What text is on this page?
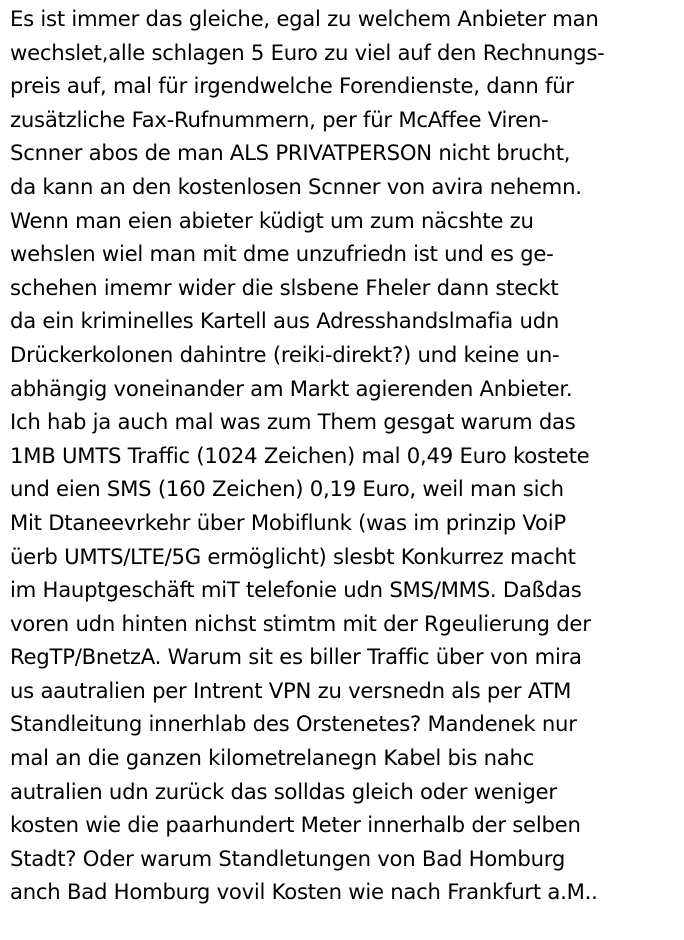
Es ist immer das gleiche, egal zu welchem Anbieter man
wechslet,alle schlagen 5 Euro zu viel auf den Rechnungs-
preis auf, mal für irgendwelche Forendienste, dann für
zusätzliche Fax-Rufnummern, per für McAffee Viren-
Scnner abos de man ALS PRIVATPERSON nicht brucht,
da kann an den kostenlosen Scnner von avira nehemn.
Wenn man eien abieter küdigt um zum näcshte zu
wehslen wiel man mit dme unzufriedn ist und es ge-
schehen imemr wider die slsbene Fheler dann steckt
da ein kriminelles Kartell aus Adresshandslmafia udn
Drückerkolonen dahintre (reiki-direkt?) und keine un-
abhängig voneinander am Markt agierenden Anbieter.
Ich hab ja auch mal was zum Them gesgat warum das
1MB UMTS Traffic (1024 Zeichen) mal 0,49 Euro kostete
und eien SMS (160 Zeichen) 0,19 Euro, weil man sich
Mit Dtaneevrkehr über Mobiflunk (was im prinzip VoiP
üerb UMTS/LTE/5G ermöglicht) slesbt Konkurrez macht
im Hauptgeschäft miT telefonie udn SMS/MMS. Daßdas
voren udn hinten nichst stimtm mit der Rgeulierung der
RegTP/BnetzA. Warum sit es biller Traffic über von mira
us aautralien per Intrent VPN zu versnedn als per ATM
Standleitung innerhlab des Orstenetes? Mandenek nur
mal an die ganzen kilometrelanegn Kabel bis nahc
autralien udn zurück das solldas gleich oder weniger
kosten wie die paarhundert Meter innerhalb der selben
Stadt? Oder warum Standletungen von Bad Homburg
anch Bad Homburg vovil Kosten wie nach Frankfurt a.M..
